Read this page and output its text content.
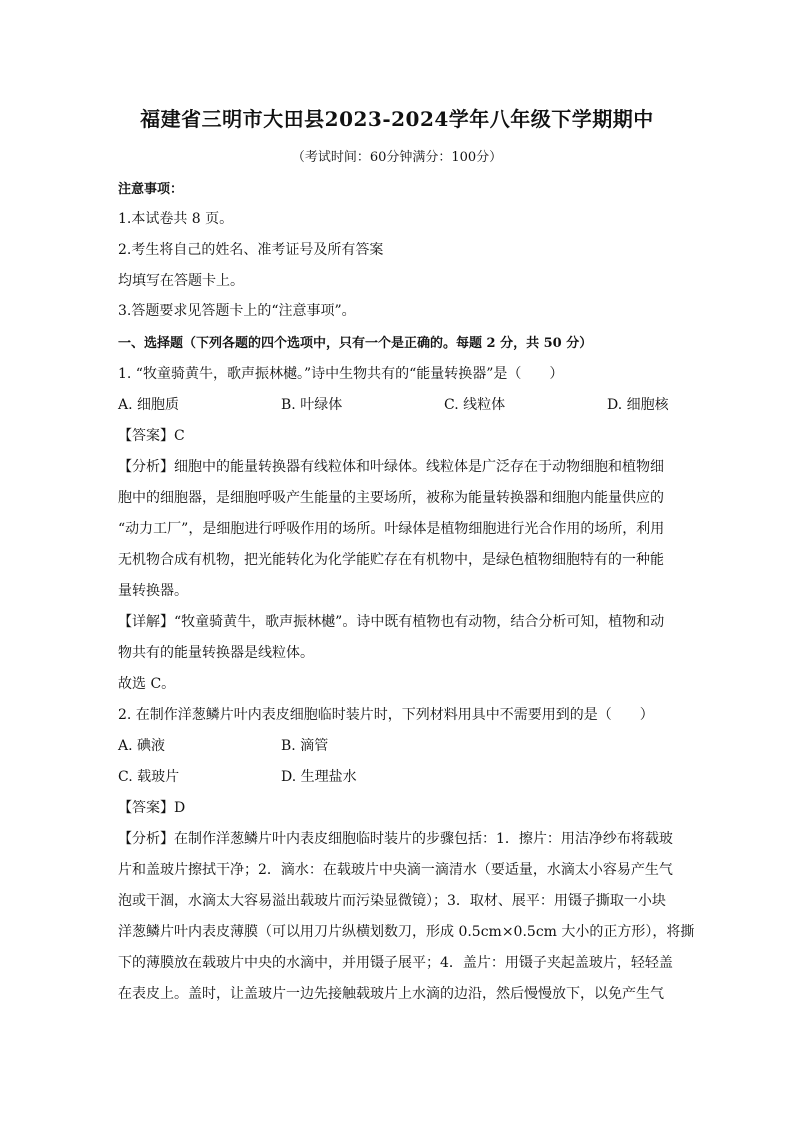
福建省三明市大田县2023-2024学年八年级下学期期中
（考试时间：60分钟满分：100分）
注意事项：
1.本试卷共 8 页。
2.考生将自己的姓名、准考证号及所有答案
均填写在答题卡上。
3.答题要求见答题卡上的“注意事项”。
一、选择题（下列各题的四个选项中，只有一个是正确的。每题 2 分，共 50 分）
1. “牧童骑黄牛，歌声振林樾。”诗中生物共有的“能量转换器”是（　　）
A. 细胞质	B. 叶绿体	C. 线粒体	D. 细胞核
【答案】C
【分析】细胞中的能量转换器有线粒体和叶绿体。线粒体是广泛存在于动物细胞和植物细
胞中的细胞器，是细胞呼吸产生能量的主要场所，被称为能量转换器和细胞内能量供应的
“动力工厂”，是细胞进行呼吸作用的场所。叶绿体是植物细胞进行光合作用的场所，利用
无机物合成有机物，把光能转化为化学能贮存在有机物中，是绿色植物细胞特有的一种能
量转换器。
【详解】“牧童骑黄牛，歌声振林樾”。诗中既有植物也有动物，结合分析可知，植物和动
物共有的能量转换器是线粒体。
故选 C。
2. 在制作洋葱鳞片叶内表皮细胞临时装片时，下列材料用具中不需要用到的是（　　）
A. 碘液	B. 滴管
C. 载玻片	D. 生理盐水
【答案】D
【分析】在制作洋葱鳞片叶内表皮细胞临时装片的步骤包括：1．擦片：用洁净纱布将载玻
片和盖玻片擦拭干净；2．滴水：在载玻片中央滴一滴清水（要适量，水滴太小容易产生气
泡或干涸，水滴太大容易溢出载玻片而污染显微镜）；3．取材、展平：用镊子撕取一小块
洋葱鳞片叶内表皮薄膜（可以用刀片纵横划数刀，形成 0.5cm×0.5cm 大小的正方形），将撕
下的薄膜放在载玻片中央的水滴中，并用镊子展平；4．盖片：用镊子夹起盖玻片，轻轻盖
在表皮上。盖时，让盖玻片一边先接触载玻片上水滴的边沿，然后慢慢放下，以免产生气
